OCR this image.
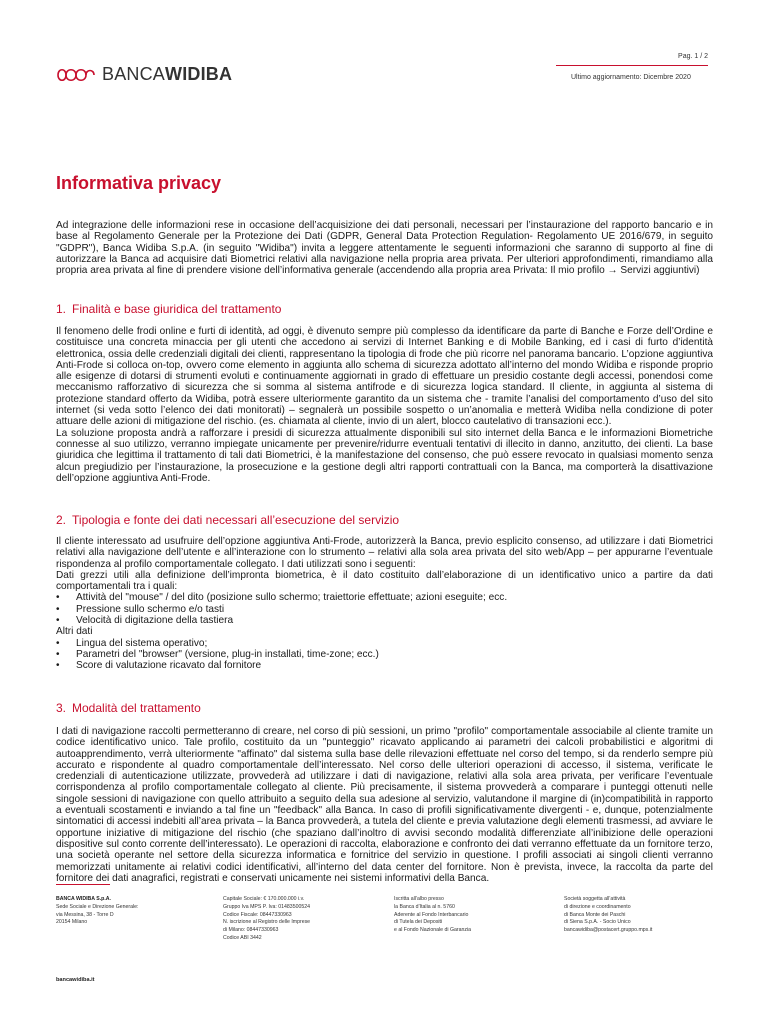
BANCAWIDIBA
Pag. 1 / 2
Ultimo aggiornamento: Dicembre 2020
Informativa privacy

Ad integrazione delle informazioni rese in occasione dell’acquisizione dei dati personali, necessari per l’instaurazione del rapporto bancario e in base al Regolamento Generale per la Protezione dei Dati (GDPR, General Data Protection Regulation- Regolamento UE 2016/679, in seguito "GDPR"), Banca Widiba S.p.A. (in seguito "Widiba") invita a leggere attentamente le seguenti informazioni che saranno di supporto al fine di autorizzare la Banca ad acquisire dati Biometrici relativi alla navigazione nella propria area privata. Per ulteriori approfondimenti, rimandiamo alla propria area privata al fine di prendere visione dell’informativa generale (accendendo alla propria area Privata: Il mio profilo → Servizi aggiuntivi)

1. Finalità e base giuridica del trattamento

Il fenomeno delle frodi online e furti di identità, ad oggi, è divenuto sempre più complesso da identificare da parte di Banche e Forze dell’Ordine e costituisce una concreta minaccia per gli utenti che accedono ai servizi di Internet Banking e di Mobile Banking, ed i casi di furto d’identità elettronica, ossia delle credenziali digitali dei clienti, rappresentano la tipologia di frode che più ricorre nel panorama bancario. L’opzione aggiuntiva Anti-Frode si colloca on-top, ovvero come elemento in aggiunta allo schema di sicurezza adottato all’interno del mondo Widiba e risponde proprio alle esigenze di dotarsi di strumenti evoluti e continuamente aggiornati in grado di effettuare un presidio costante degli accessi, ponendosi come meccanismo rafforzativo di sicurezza che si somma al sistema antifrode e di sicurezza logica standard. Il cliente, in aggiunta al sistema di protezione standard offerto da Widiba, potrà essere ulteriormente garantito da un sistema che - tramite l’analisi del comportamento d’uso del sito internet (si veda sotto l’elenco dei dati monitorati) – segnalerà un possibile sospetto o un’anomalia e metterà Widiba nella condizione di poter attuare delle azioni di mitigazione del rischio. (es. chiamata al cliente, invio di un alert, blocco cautelativo di transazioni ecc.).

La soluzione proposta andrà a rafforzare i presidi di sicurezza attualmente disponibili sul sito internet della Banca e le informazioni Biometriche connesse al suo utilizzo, verranno impiegate unicamente per prevenire/ridurre eventuali tentativi di illecito in danno, anzitutto, dei clienti. La base giuridica che legittima il trattamento di tali dati Biometrici, è la manifestazione del consenso, che può essere revocato in qualsiasi momento senza alcun pregiudizio per l’instaurazione, la prosecuzione e la gestione degli altri rapporti contrattuali con la Banca, ma comporterà la disattivazione dell’opzione aggiuntiva Anti-Frode.

2. Tipologia e fonte dei dati necessari all’esecuzione del servizio

Il cliente interessato ad usufruire dell’opzione aggiuntiva Anti-Frode, autorizzerà la Banca, previo esplicito consenso, ad utilizzare i dati Biometrici relativi alla navigazione dell’utente e all’interazione con lo strumento – relativi alla sola area privata del sito web/App – per appurarne l’eventuale rispondenza al profilo comportamentale collegato. I dati utilizzati sono i seguenti:

Dati grezzi utili alla definizione dell’impronta biometrica, è il dato costituito dall’elaborazione di un identificativo unico a partire da dati comportamentali tra i quali:

• Attività del "mouse" / del dito (posizione sullo schermo; traiettorie effettuate; azioni eseguite; ecc.
• Pressione sullo schermo e/o tasti
• Velocità di digitazione della tastiera

Altri dati

• Lingua del sistema operativo;
• Parametri del "browser" (versione, plug-in installati, time-zone; ecc.)
• Score di valutazione ricavato dal fornitore
3. Modalità del trattamento

I dati di navigazione raccolti permetteranno di creare, nel corso di più sessioni, un primo "profilo" comportamentale associabile al cliente tramite un codice identificativo unico. Tale profilo, costituito da un "punteggio" ricavato applicando ai parametri dei calcoli probabilistici e algoritmi di autoapprendimento, verrà ulteriormente "affinato" dal sistema sulla base delle rilevazioni effettuate nel corso del tempo, si da renderlo sempre più accurato e rispondente al quadro comportamentale dell’interessato. Nel corso delle ulteriori operazioni di accesso, il sistema, verificate le credenziali di autenticazione utilizzate, provvederà ad utilizzare i dati di navigazione, relativi alla sola area privata, per verificare l’eventuale corrispondenza al profilo comportamentale collegato al cliente. Più precisamente, il sistema provvederà a comparare i punteggi ottenuti nelle singole sessioni di navigazione con quello attribuito a seguito della sua adesione al servizio, valutandone il margine di (in)compatibilità in rapporto a eventuali scostamenti e inviando a tal fine un "feedback" alla Banca. In caso di profili significativamente divergenti - e, dunque, potenzialmente sintomatici di accessi indebiti all’area privata – la Banca provvederà, a tutela del cliente e previa valutazione degli elementi trasmessi, ad avviare le opportune iniziative di mitigazione del rischio (che spaziano dall’inoltro di avvisi secondo modalità differenziate all’inibizione delle operazioni dispositive sul conto corrente dell’interessato). Le operazioni di raccolta, elaborazione e confronto dei dati verranno effettuate da un fornitore terzo, una società operante nel settore della sicurezza informatica e fornitrice del servizio in questione. I profili associati ai singoli clienti verranno memorizzati unitamente ai relativi codici identificativi, all’interno del data center del fornitore. Non è prevista, invece, la raccolta da parte del fornitore dei dati anagrafici, registrati e conservati unicamente nei sistemi informativi della Banca.

BANCA WIDIBA S.p.A.
Sede Sociale e Direzione Generale:
via Messina, 38 - Torre D
20154 Milano
Capitale Sociale: € 170.000.000 i.v.
Gruppo Iva MPS P. Iva: 01483500524
Codice Fiscale: 08447330963
N. iscrizione al Registro delle Imprese
di Milano: 08447330963
Codice ABI 3442
Iscritta all’albo presso
la Banca d’Italia al n. 5760
Aderente al Fondo Interbancario
di Tutela dei Depositi
e al Fondo Nazionale di Garanzia
Società soggetta all’attività
di direzione e coordinamento
di Banca Monte dei Paschi
di Siena S.p.A. - Socio Unico
bancawidiba@postacert.gruppo.mps.it
bancawidiba.it
